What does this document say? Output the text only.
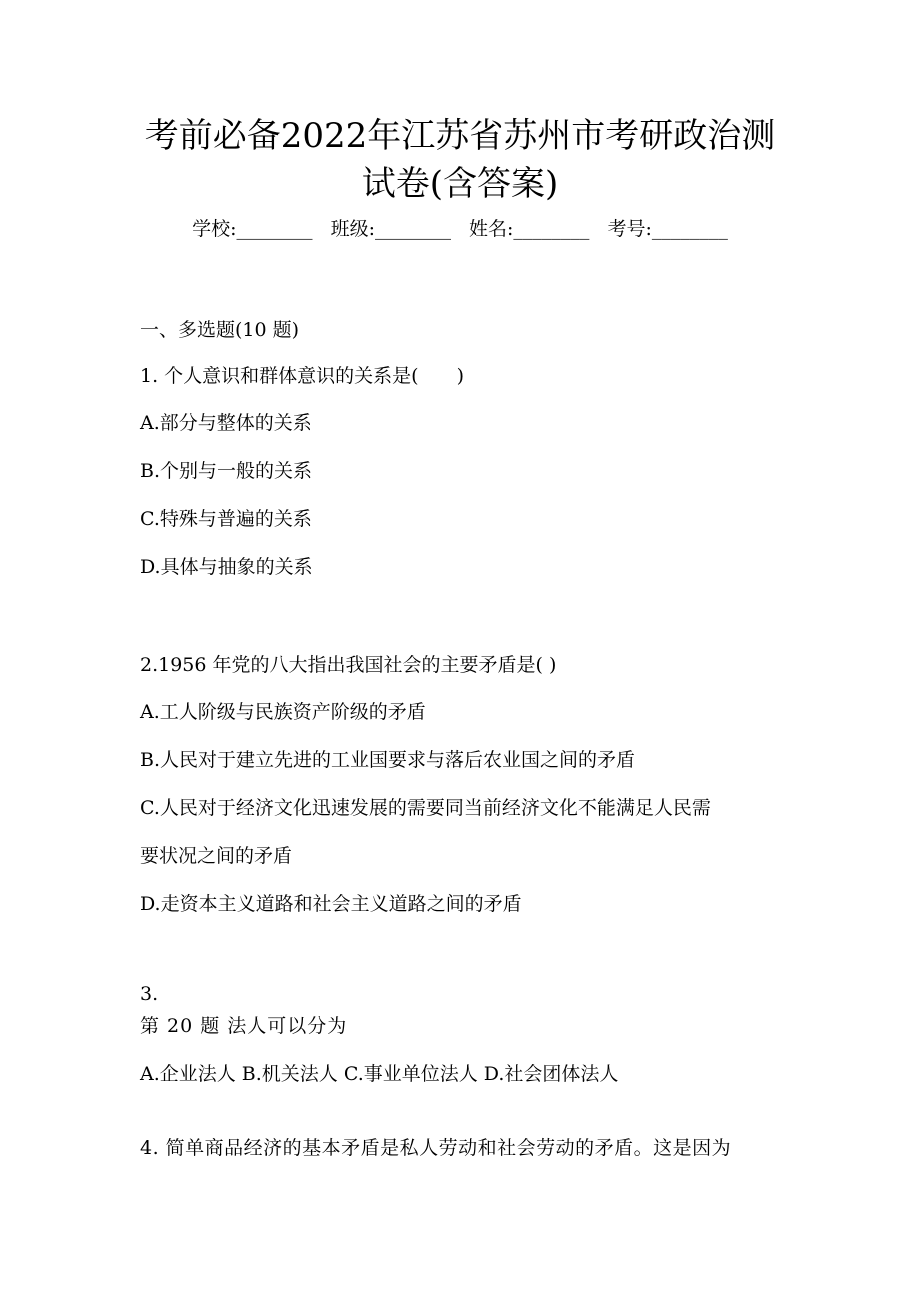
考前必备2022年江苏省苏州市考研政治测
试卷(含答案)
学校:________ 班级:________ 姓名:________ 考号:________
一、多选题(10 题)
1. 个人意识和群体意识的关系是(　　)
A.部分与整体的关系
B.个别与一般的关系
C.特殊与普遍的关系
D.具体与抽象的关系
2.1956 年党的八大指出我国社会的主要矛盾是( )
A.工人阶级与民族资产阶级的矛盾
B.人民对于建立先进的工业国要求与落后农业国之间的矛盾
C.人民对于经济文化迅速发展的需要同当前经济文化不能满足人民需
要状况之间的矛盾
D.走资本主义道路和社会主义道路之间的矛盾
3.
第 20 题 法人可以分为
A.企业法人 B.机关法人 C.事业单位法人 D.社会团体法人
4. 简单商品经济的基本矛盾是私人劳动和社会劳动的矛盾。这是因为
